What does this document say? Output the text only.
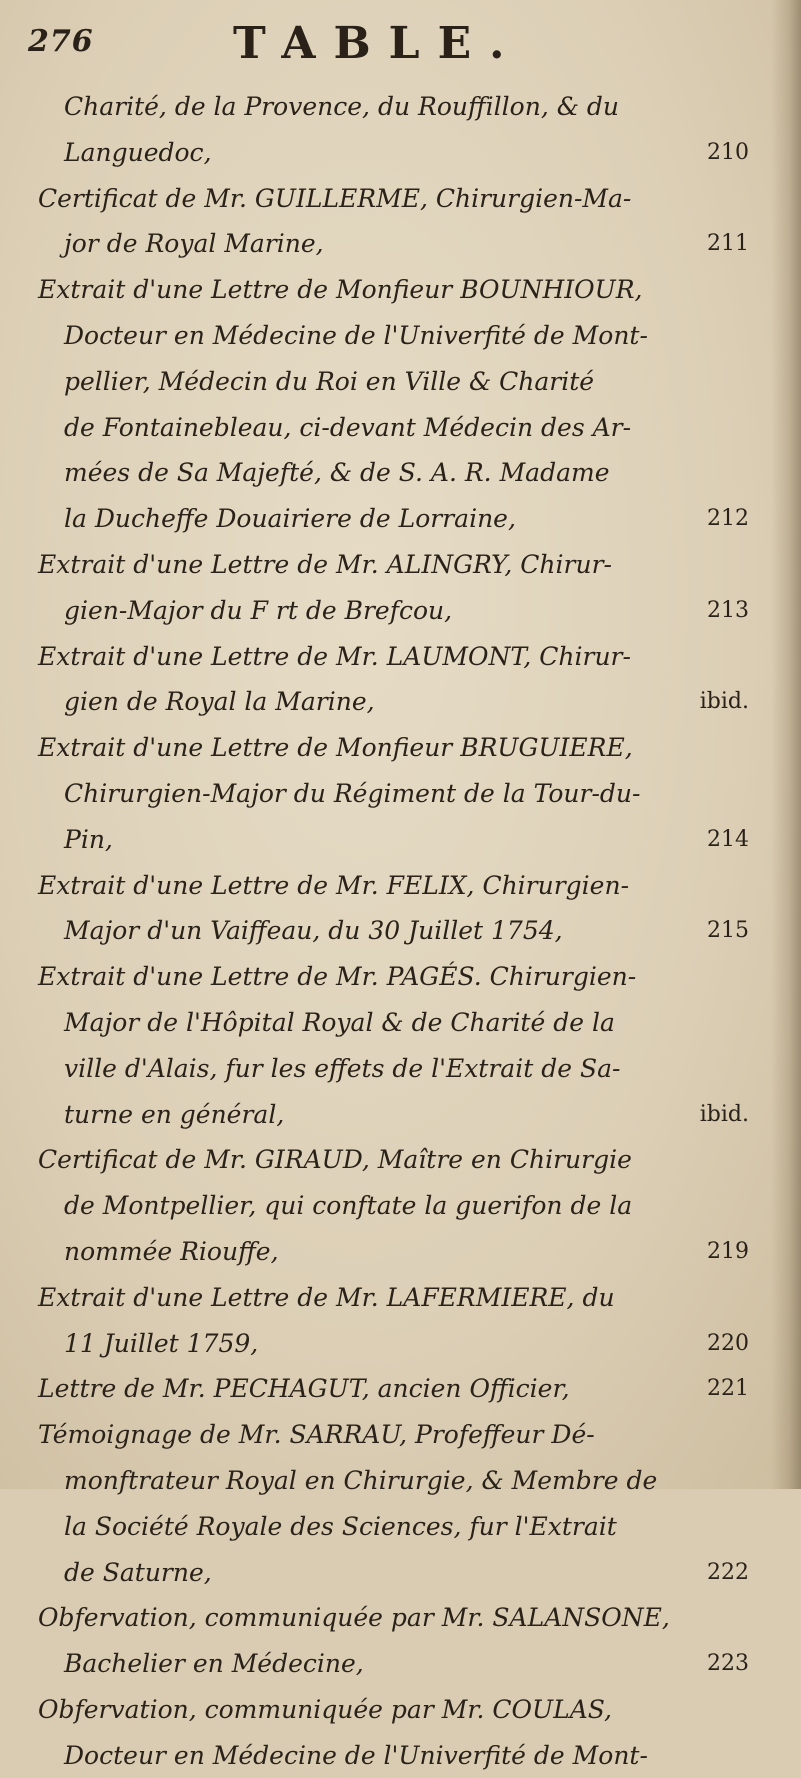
276	TABLE.
Charité, de la Provence, du Rouffillon, & du
Languedoc,	210
Certificat de Mr. GUILLERME, Chirurgien-Ma-
jor de Royal Marine,	211
Extrait d'une Lettre de Monfieur BOUNHIOUR,
Docteur en Médecine de l'Univerfité de Mont-
pellier, Médecin du Roi en Ville & Charité
de Fontainebleau, ci-devant Médecin des Ar-
mées de Sa Majefté, & de S. A. R. Madame
la Ducheffe Douairiere de Lorraine,	212
Extrait d'une Lettre de Mr. ALINGRY, Chirur-
gien-Major du F rt de Brefcou,	213
Extrait d'une Lettre de Mr. LAUMONT, Chirur-
gien de Royal la Marine,	ibid.
Extrait d'une Lettre de Monfieur BRUGUIERE,
Chirurgien-Major du Régiment de la Tour-du-
Pin,	214
Extrait d'une Lettre de Mr. FELIX, Chirurgien-
Major d'un Vaiffeau, du 30 Juillet 1754,	215
Extrait d'une Lettre de Mr. PAGÉS. Chirurgien-
Major de l'Hôpital Royal & de Charité de la
ville d'Alais, fur les effets de l'Extrait de Sa-
turne en général,	ibid.
Certificat de Mr. GIRAUD, Maître en Chirurgie
de Montpellier, qui conftate la guerifon de la
nommée Riouffe,	219
Extrait d'une Lettre de Mr. LAFERMIERE, du
11 Juillet 1759,	220
Lettre de Mr. PECHAGUT, ancien Officier,	221
Témoignage de Mr. SARRAU, Profeffeur Dé-
monftrateur Royal en Chirurgie, & Membre de
la Société Royale des Sciences, fur l'Extrait
de Saturne,	222
Obfervation, communiquée par Mr. SALANSONE,
Bachelier en Médecine,	223
Obfervation, communiquée par Mr. COULAS,
Docteur en Médecine de l'Univerfité de Mont-
